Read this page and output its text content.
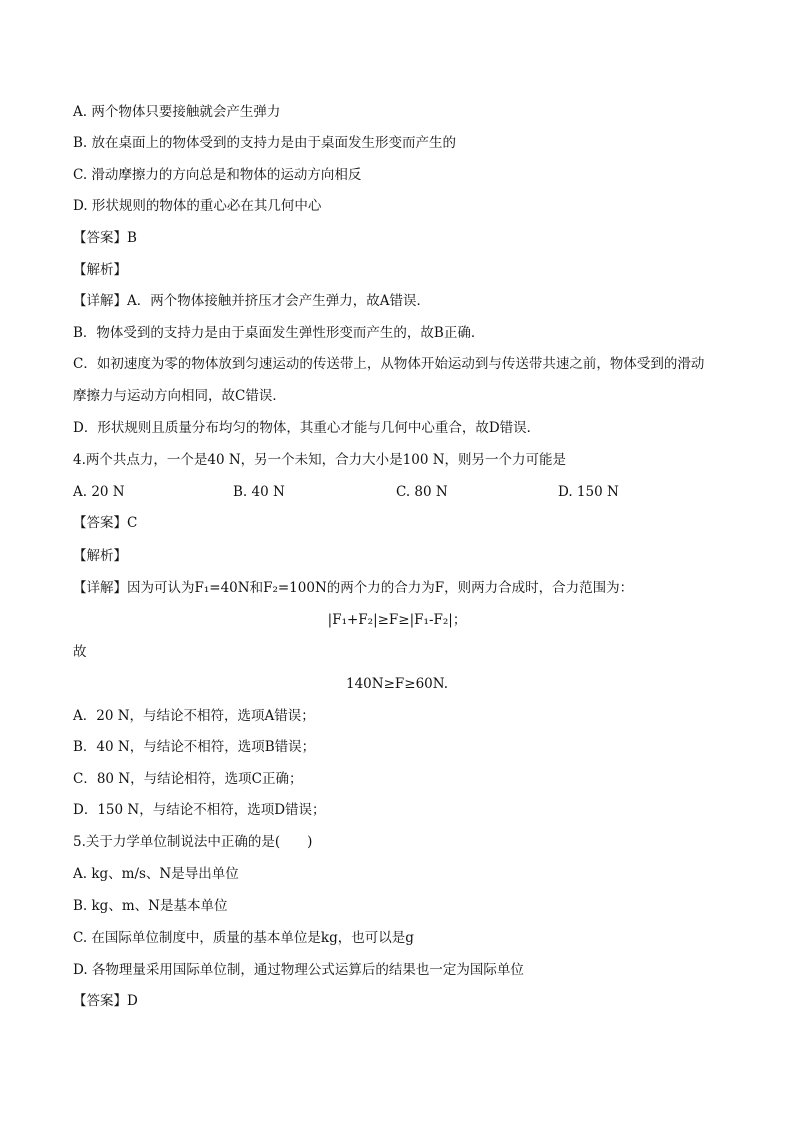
A. 两个物体只要接触就会产生弹力
B. 放在桌面上的物体受到的支持力是由于桌面发生形变而产生的
C. 滑动摩擦力的方向总是和物体的运动方向相反
D. 形状规则的物体的重心必在其几何中心
【答案】B
【解析】
【详解】A．两个物体接触并挤压才会产生弹力，故A错误．
B．物体受到的支持力是由于桌面发生弹性形变而产生的，故B正确．
C．如初速度为零的物体放到匀速运动的传送带上，从物体开始运动到与传送带共速之前，物体受到的滑动
摩擦力与运动方向相同，故C错误．
D．形状规则且质量分布均匀的物体，其重心才能与几何中心重合，故D错误．
4.两个共点力，一个是40 N，另一个未知，合力大小是100 N，则另一个力可能是
A. 20 N	B. 40 N	C. 80 N	D. 150 N
【答案】C
【解析】
【详解】因为可认为F₁=40N和F₂=100N的两个力的合力为F，则两力合成时，合力范围为：
|F₁+F₂|≥F≥|F₁-F₂|；
故
140N≥F≥60N.
A．20 N，与结论不相符，选项A错误；
B．40 N，与结论不相符，选项B错误；
C．80 N，与结论相符，选项C正确；
D．150 N，与结论不相符，选项D错误；
5.关于力学单位制说法中正确的是(　　)
A. kg、m/s、N是导出单位
B. kg、m、N是基本单位
C. 在国际单位制度中，质量的基本单位是kg，也可以是g
D. 各物理量采用国际单位制，通过物理公式运算后的结果也一定为国际单位
【答案】D
